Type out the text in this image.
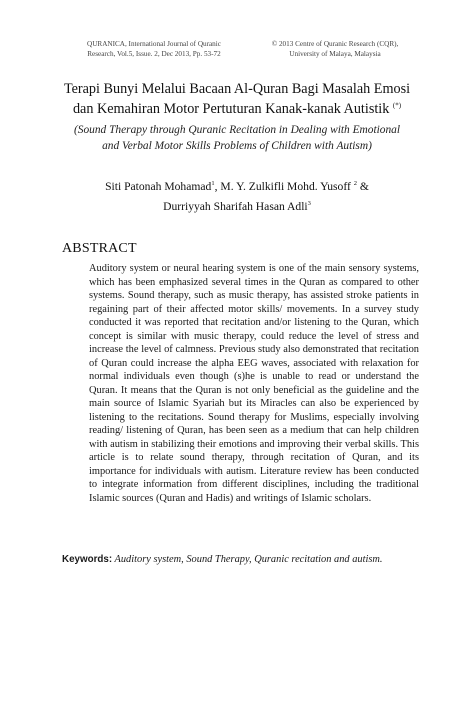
QURANICA, International Journal of Quranic
Research, Vol.5, Issue. 2, Dec 2013, Pp. 53-72
© 2013 Centre of Quranic Research (CQR),
University of Malaya, Malaysia
Terapi Bunyi Melalui Bacaan Al-Quran Bagi Masalah Emosi
dan Kemahiran Motor Pertuturan Kanak-kanak Autistik (*)
(Sound Therapy through Quranic Recitation in Dealing with Emotional
and Verbal Motor Skills Problems of Children with Autism)
Siti Patonah Mohamad$^1$, M. Y. Zulkifli Mohd. Yusoff $^2$ &
Durriyyah Sharifah Hasan Adli$^3$
ABSTRACT

Auditory system or neural hearing system is one of the main sensory systems, which has been emphasized several times in the Quran as compared to other systems. Sound therapy, such as music therapy, has assisted stroke patients in regaining part of their affected motor skills/ movements. In a survey study conducted it was reported that recitation and/or listening to the Quran, which concept is similar with music therapy, could reduce the level of stress and increase the level of calmness. Previous study also demonstrated that recitation of Quran could increase the alpha EEG waves, associated with relaxation for normal individuals even though (s)he is unable to read or understand the Quran. It means that the Quran is not only beneficial as the guideline and the main source of Islamic Syariah but its Miracles can also be experienced by listening to the recitations. Sound therapy for Muslims, especially involving reading/ listening of Quran, has been seen as a medium that can help children with autism in stabilizing their emotions and improving their verbal skills. This article is to relate sound therapy, through recitation of Quran, and its importance for individuals with autism. Literature review has been conducted to integrate information from different disciplines, including the traditional Islamic sources (Quran and Hadis) and writings of Islamic scholars.

Keywords: Auditory system, Sound Therapy, Quranic recitation and autism.
